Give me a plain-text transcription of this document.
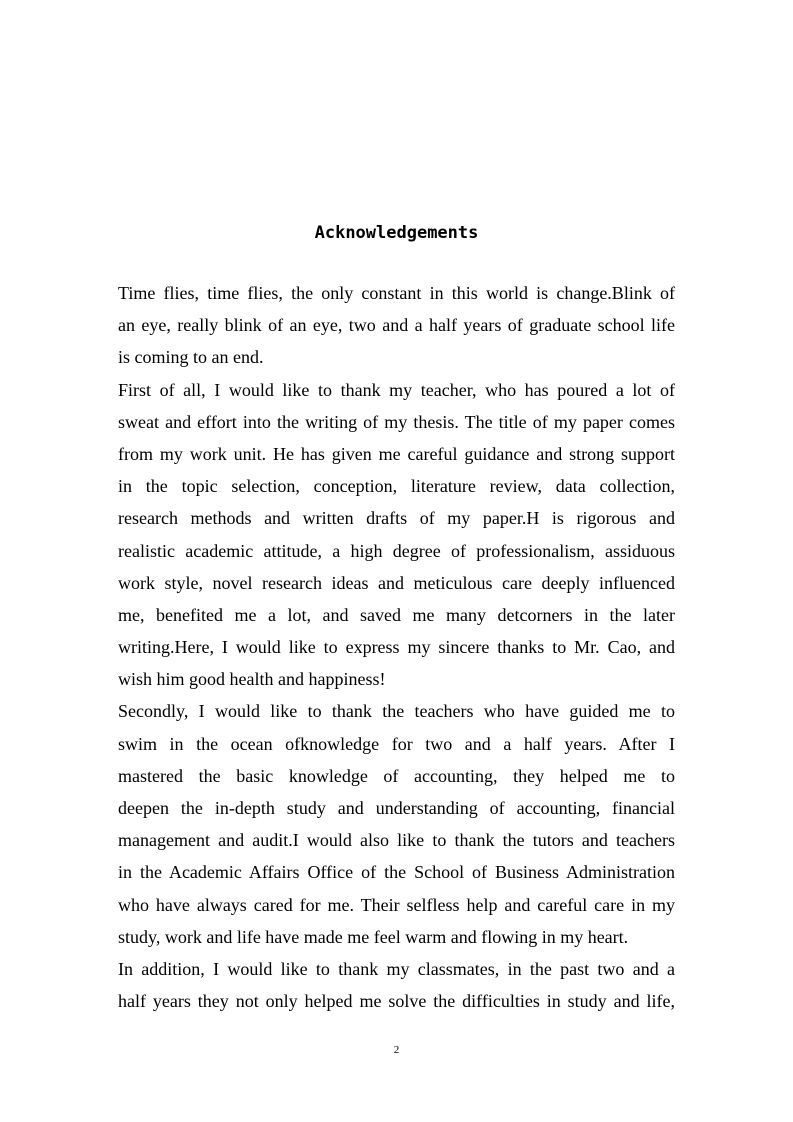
Acknowledgements
Time flies, time flies, the only constant in this world is change.Blink of
an eye, really blink of an eye, two and a half years of graduate school life
is coming to an end.
First of all, I would like to thank my teacher, who has poured a lot of
sweat and effort into the writing of my thesis. The title of my paper comes
from my work unit. He has given me careful guidance and strong support
in the topic selection, conception, literature review, data collection,
research methods and written drafts of my paper.H is rigorous and
realistic academic attitude, a high degree of professionalism, assiduous
work style, novel research ideas and meticulous care deeply influenced
me, benefited me a lot, and saved me many detcorners in the later
writing.Here, I would like to express my sincere thanks to Mr. Cao, and
wish him good health and happiness!
Secondly, I would like to thank the teachers who have guided me to
swim in the ocean ofknowledge for two and a half years. After I
mastered the basic knowledge of accounting, they helped me to
deepen the in-depth study and understanding of accounting, financial
management and audit.I would also like to thank the tutors and teachers
in the Academic Affairs Office of the School of Business Administration
who have always cared for me. Their selfless help and careful care in my
study, work and life have made me feel warm and flowing in my heart.
In addition, I would like to thank my classmates, in the past two and a
half years they not only helped me solve the difficulties in study and life,
2
